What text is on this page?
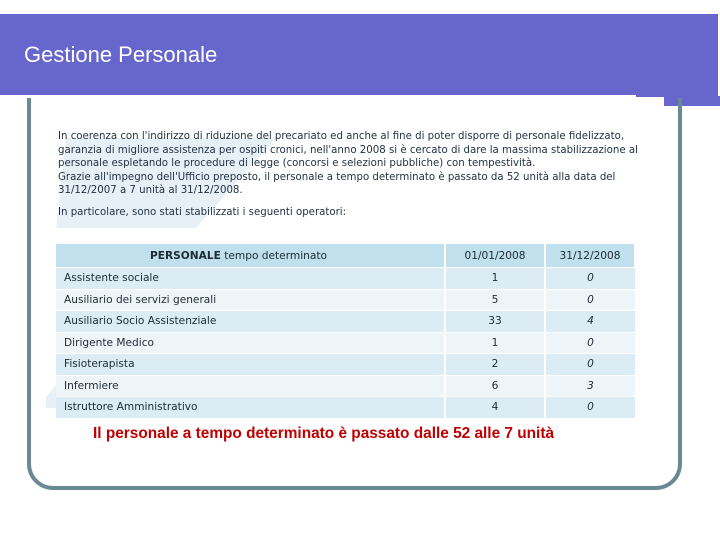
Gestione Personale

In coerenza con l'indirizzo di riduzione del precariato ed anche al fine di poter disporre di personale fidelizzato,

garanzia di migliore assistenza per ospiti cronici, nell'anno 2008 si è cercato di dare la massima stabilizzazione al

personale espletando le procedure di legge (concorsi e selezioni pubbliche) con tempestività.

Grazie all'impegno dell'Ufficio preposto, il personale a tempo determinato è passato da 52 unità alla data del

31/12/2007 a 7 unità al 31/12/2008.

In particolare, sono stati stabilizzati i seguenti operatori:

PERSONALE tempo determinato	01/01/2008	31/12/2008
Assistente sociale	1	0
Ausiliario dei servizi generali	5	0
Ausiliario Socio Assistenziale	33	4
Dirigente Medico	1	0
Fisioterapista	2	0
Infermiere	6	3
Istruttore Amministrativo	4	0
Il personale a tempo determinato è passato dalle 52 alle 7 unità
